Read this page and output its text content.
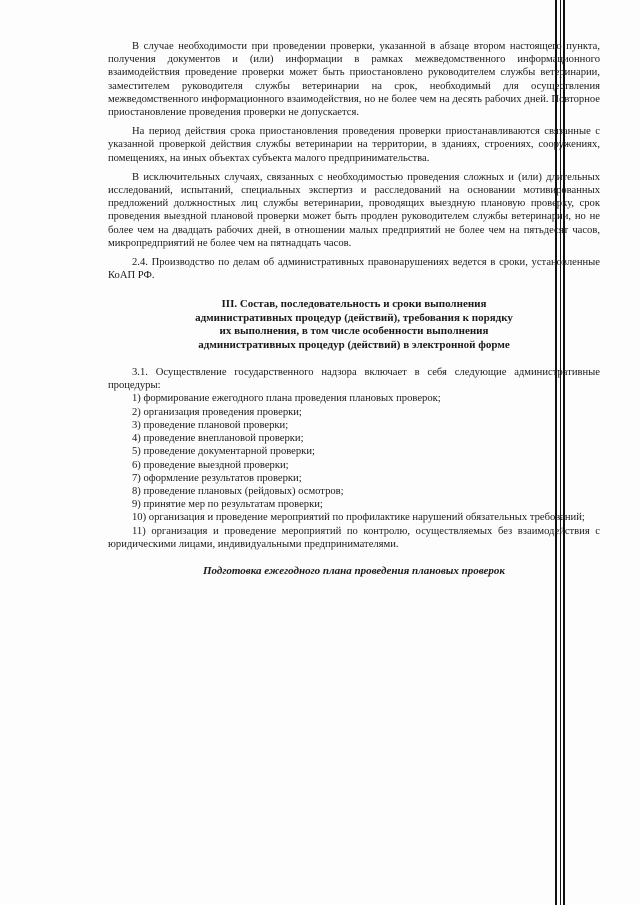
В случае необходимости при проведении проверки, указанной в абзаце втором настоящего пункта, получения документов и (или) информации в рамках межведомственного информационного взаимодействия проведение проверки может быть приостановлено руководителем службы ветеринарии, заместителем руководителя службы ветеринарии на срок, необходимый для осуществления межведомственного информационного взаимодействия, но не более чем на десять рабочих дней. Повторное приостановление проведения проверки не допускается.

На период действия срока приостановления проведения проверки приостанавливаются связанные с указанной проверкой действия службы ветеринарии на территории, в зданиях, строениях, сооружениях, помещениях, на иных объектах субъекта малого предпринимательства.

В исключительных случаях, связанных с необходимостью проведения сложных и (или) длительных исследований, испытаний, специальных экспертиз и расследований на основании мотивированных предложений должностных лиц службы ветеринарии, проводящих выездную плановую проверку, срок проведения выездной плановой проверки может быть продлен руководителем службы ветеринарии, но не более чем на двадцать рабочих дней, в отношении малых предприятий не более чем на пятьдесят часов, микропредприятий не более чем на пятнадцать часов.

2.4. Производство по делам об административных правонарушениях ведется в сроки, установленные КоАП РФ.

III. Состав, последовательность и сроки выполнения
административных процедур (действий), требования к порядку
их выполнения, в том числе особенности выполнения
административных процедур (действий) в электронной форме

3.1. Осуществление государственного надзора включает в себя следующие административные процедуры:

1) формирование ежегодного плана проведения плановых проверок;
2) организация проведения проверки;
3) проведение плановой проверки;
4) проведение внеплановой проверки;
5) проведение документарной проверки;
6) проведение выездной проверки;
7) оформление результатов проверки;
8) проведение плановых (рейдовых) осмотров;
9) принятие мер по результатам проверки;
10) организация и проведение мероприятий по профилактике нарушений обязательных требований;
11) организация и проведение мероприятий по контролю, осуществляемых без взаимодействия с юридическими лицами, индивидуальными предпринимателями.
Подготовка ежегодного плана проведения плановых проверок
